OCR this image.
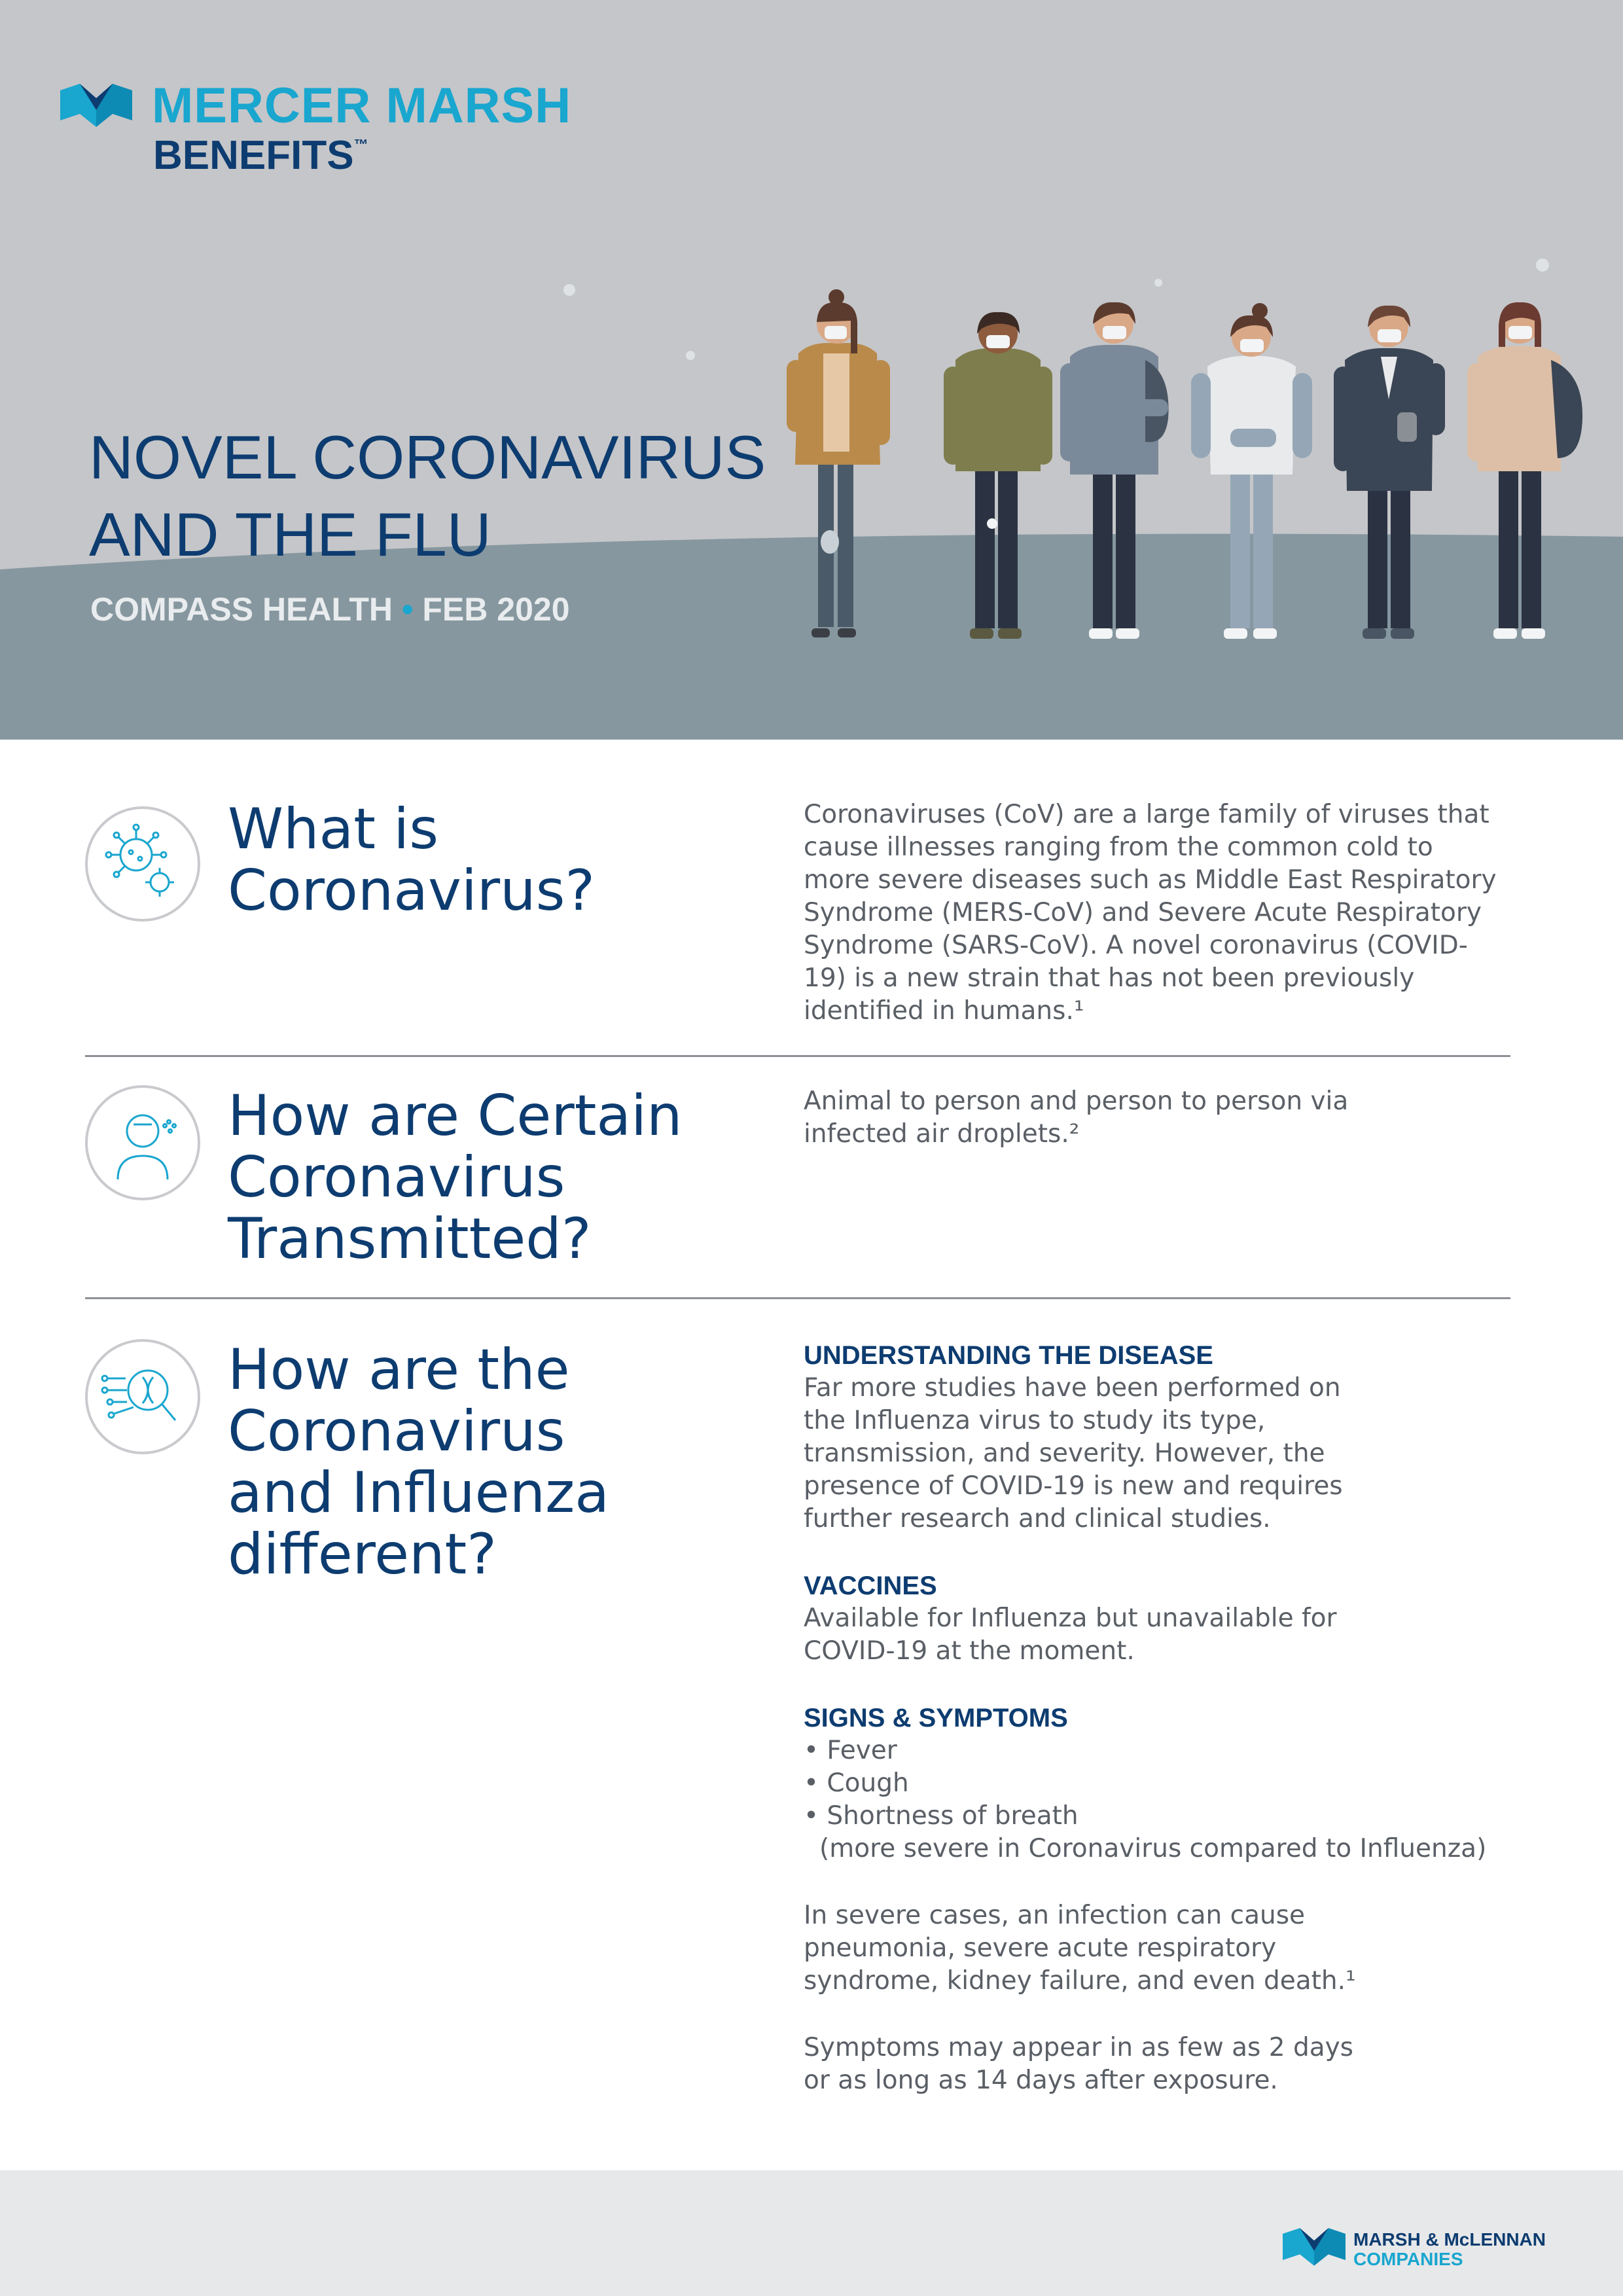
MERCER MARSH
BENEFITS™
NOVEL CORONAVIRUS
AND THE FLU
COMPASS HEALTH • FEB 2020
What is
Coronavirus?

Coronaviruses (CoV) are a large family of viruses that cause illnesses ranging from the common cold to more severe diseases such as Middle East Respiratory Syndrome (MERS-CoV) and Severe Acute Respiratory Syndrome (SARS-CoV). A novel coronavirus (COVID-19) is a new strain that has not been previously identified in humans.¹

How are Certain
Coronavirus
Transmitted?

Animal to person and person to person via infected air droplets.²

How are the
Coronavirus
and Influenza
different?
UNDERSTANDING THE DISEASE

Far more studies have been performed on the Influenza virus to study its type, transmission, and severity. However, the presence of COVID-19 is new and requires further research and clinical studies.

VACCINES

Available for Influenza but unavailable for COVID-19 at the moment.

SIGNS & SYMPTOMS
• Fever
• Cough
• Shortness of breath
(more severe in Coronavirus compared to Influenza)

In severe cases, an infection can cause pneumonia, severe acute respiratory syndrome, kidney failure, and even death.¹

Symptoms may appear in as few as 2 days or as long as 14 days after exposure.

MARSH & McLENNAN
COMPANIES
